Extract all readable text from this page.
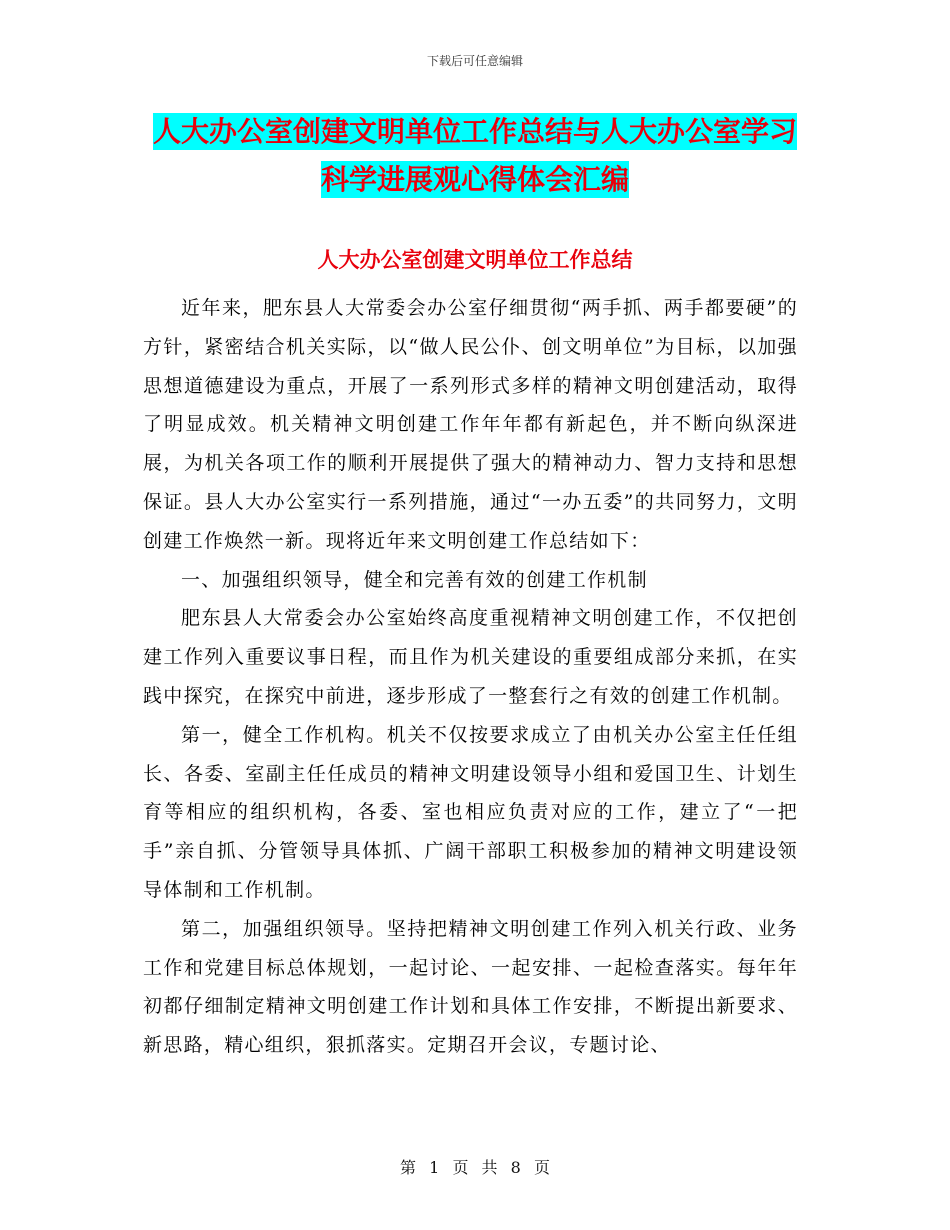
下载后可任意编辑
人大办公室创建文明单位工作总结与人大办公室学习
科学进展观心得体会汇编
人大办公室创建文明单位工作总结

近年来，肥东县人大常委会办公室仔细贯彻“两手抓、两手都要硬”的方针，紧密结合机关实际，以“做人民公仆、创文明单位”为目标，以加强思想道德建设为重点，开展了一系列形式多样的精神文明创建活动，取得了明显成效。机关精神文明创建工作年年都有新起色，并不断向纵深进展，为机关各项工作的顺利开展提供了强大的精神动力、智力支持和思想保证。县人大办公室实行一系列措施，通过“一办五委”的共同努力，文明创建工作焕然一新。现将近年来文明创建工作总结如下：

一、加强组织领导，健全和完善有效的创建工作机制

肥东县人大常委会办公室始终高度重视精神文明创建工作，不仅把创建工作列入重要议事日程，而且作为机关建设的重要组成部分来抓，在实践中探究，在探究中前进，逐步形成了一整套行之有效的创建工作机制。

第一，健全工作机构。机关不仅按要求成立了由机关办公室主任任组长、各委、室副主任任成员的精神文明建设领导小组和爱国卫生、计划生育等相应的组织机构，各委、室也相应负责对应的工作，建立了“一把手”亲自抓、分管领导具体抓、广阔干部职工积极参加的精神文明建设领导体制和工作机制。

第二，加强组织领导。坚持把精神文明创建工作列入机关行政、业务工作和党建目标总体规划，一起讨论、一起安排、一起检查落实。每年年初都仔细制定精神文明创建工作计划和具体工作安排，不断提出新要求、新思路，精心组织，狠抓落实。定期召开会议，专题讨论、

第 1 页 共 8 页
